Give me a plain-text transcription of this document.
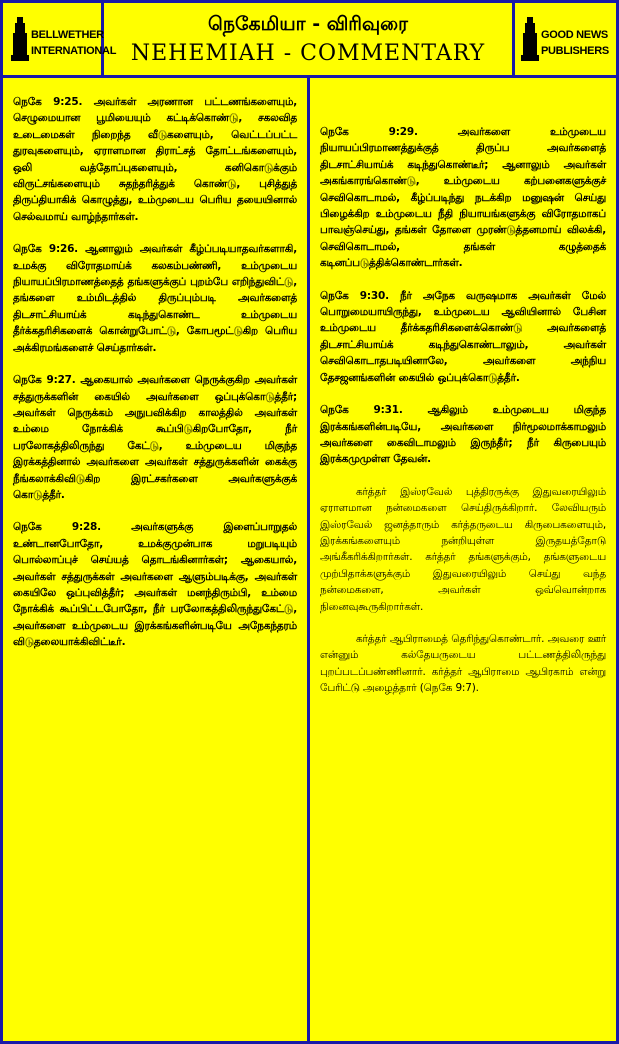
BELLWETHER
INTERNATIONAL
நெகேமியா - விரிவுரை
NEHEMIAH - COMMENTARY
GOOD NEWS
PUBLISHERS

நெகே 9:25. அவர்கள் அரணான பட்டணங்களையும், செழுமையான பூமியையும் கட்டிக்கொண்டு, சகலவித உடைமைகள் நிறைந்த வீடுகளையும், வெட்டப்பட்ட துரவுகளையும், ஏராளமான திராட்சத் தோட்டங்களையும், ஒலி வத்தோப்புகளையும், கனிகொடுக்கும் விருட்சங்களையும் சுதந்தரித்துக் கொண்டு, புசித்துத் திருப்தியாகிக் கொழுத்து, உம்முடைய பெரிய தயையினால் செல்வமாய் வாழ்ந்தார்கள்.

நெகே 9:26. ஆனாலும் அவர்கள் கீழ்ப்படியாதவர்களாகி, உமக்கு விரோதமாய்க் கலகம்பண்ணி, உம்முடைய நியாயப்பிரமாணத்தைத் தங்களுக்குப் புறம்பே எறிந்துவிட்டு, தங்களை உம்மிடத்தில் திருப்பும்படி அவர்களைத் திடசாட்சியாய்க் கடிந்துகொண்ட உம்முடைய தீர்க்கதரிசிகளைக் கொன்றுபோட்டு, கோபமூட்டுகிற பெரிய அக்கிரமங்களைச் செய்தார்கள்.

நெகே 9:27. ஆகையால் அவர்களை நெருக்குகிற அவர்கள் சத்துருக்களின் கையில் அவர்களை ஒப்புக்கொடுத்தீர்; அவர்கள் நெருக்கம் அநுபவிக்கிற காலத்தில் அவர்கள் உம்மை நோக்கிக் கூப்பிடுகிறபோதோ, நீர் பரலோகத்திலிருந்து கேட்டு, உம்முடைய மிகுந்த இரக்கத்தினால் அவர்களை அவர்கள் சத்துருக்களின் கைக்கு நீங்கலாக்கிவிடுகிற இரட்சகர்களை அவர்களுக்குக் கொடுத்தீர்.

நெகே 9:28.	அவர்களுக்கு இளைப்பாறுதல் உண்டானபோதோ, உமக்குமுன்பாக மறுபடியும் பொல்லாப்புச் செய்யத் தொடங்கினார்கள்; ஆகையால், அவர்கள் சத்துருக்கள் அவர்களை ஆளும்படிக்கு, அவர்கள் கையிலே ஒப்புவித்தீர்; அவர்கள் மனந்திரும்பி, உம்மை நோக்கிக் கூப்பிட்டபோதோ, நீர் பரலோகத்திலிருந்துகேட்டு, அவர்களை உம்முடைய இரக்கங்களின்படியே அநேகந்தரம் விடுதலையாக்கிவிட்டீர்.

நெகே 9:29.	அவர்களை உம்முடைய நியாயப்பிரமாணத்துக்குத் திருப்ப அவர்களைத் திடசாட்சியாய்க் கடிந்துகொண்டீர்; ஆனாலும் அவர்கள் அகங்காரங்கொண்டு, உம்முடைய கற்பனைகளுக்குச் செவிகொடாமல், கீழ்ப்படிந்து நடக்கிற மனுஷன் செய்து பிழைக்கிற உம்முடைய நீதி நியாயங்களுக்கு விரோதமாகப் பாவஞ்செய்து, தங்கள் தோளை முரண்டுத்தனமாய் விலக்கி, செவிகொடாமல், தங்கள் கழுத்தைக் கடினப்படுத்திக்கொண்டார்கள்.

நெகே 9:30. நீர் அநேக வருஷமாக அவர்கள் மேல் பொறுமையாயிருந்து, உம்முடைய ஆவியினால் பேசின உம்முடைய தீர்க்கதரிசிகளைக்கொண்டு அவர்களைத் திடசாட்சியாய்க் கடிந்துகொண்டாலும், அவர்கள் செவிகொடாதபடியினாலே, அவர்களை அந்நிய தேசஜனங்களின் கையில் ஒப்புக்கொடுத்தீர்.

நெகே 9:31. ஆகிலும் உம்முடைய மிகுந்த இரக்கங்களின்படியே, அவர்களை நிர்மூலமாக்காமலும் அவர்களை கைவிடாமலும் இருந்தீர்; நீர் கிருபையும் இரக்கமுமுள்ள தேவன்.

கர்த்தர் இஸ்ரவேல் புத்திரருக்கு இதுவரையிலும் ஏராளமான நன்மைகளை செய்திருக்கிறார். லேவியரும் இஸ்ரவேல் ஜனத்தாரும் கர்த்தருடைய கிருபைகளையும், இரக்கங்களையும் நன்றியுள்ள இருதயத்தோடு அங்கீகரிக்கிறார்கள். கர்த்தர் தங்களுக்கும், தங்களுடைய முற்பிதாக்களுக்கும் இதுவரையிலும் செய்து வந்த நன்மைகளை, அவர்கள் ஒவ்வொன்றாக நினைவுகூருகிறார்கள்.

கர்த்தர் ஆபிராமைத் தெரிந்துகொண்டார். அவரை ஊர் என்னும் கல்தேயருடைய பட்டணத்திலிருந்து புறப்படப்பண்ணினார். கர்த்தர் ஆபிராமை ஆபிரகாம் என்று பேரிட்டு அழைத்தார் (நெகே 9:7).
